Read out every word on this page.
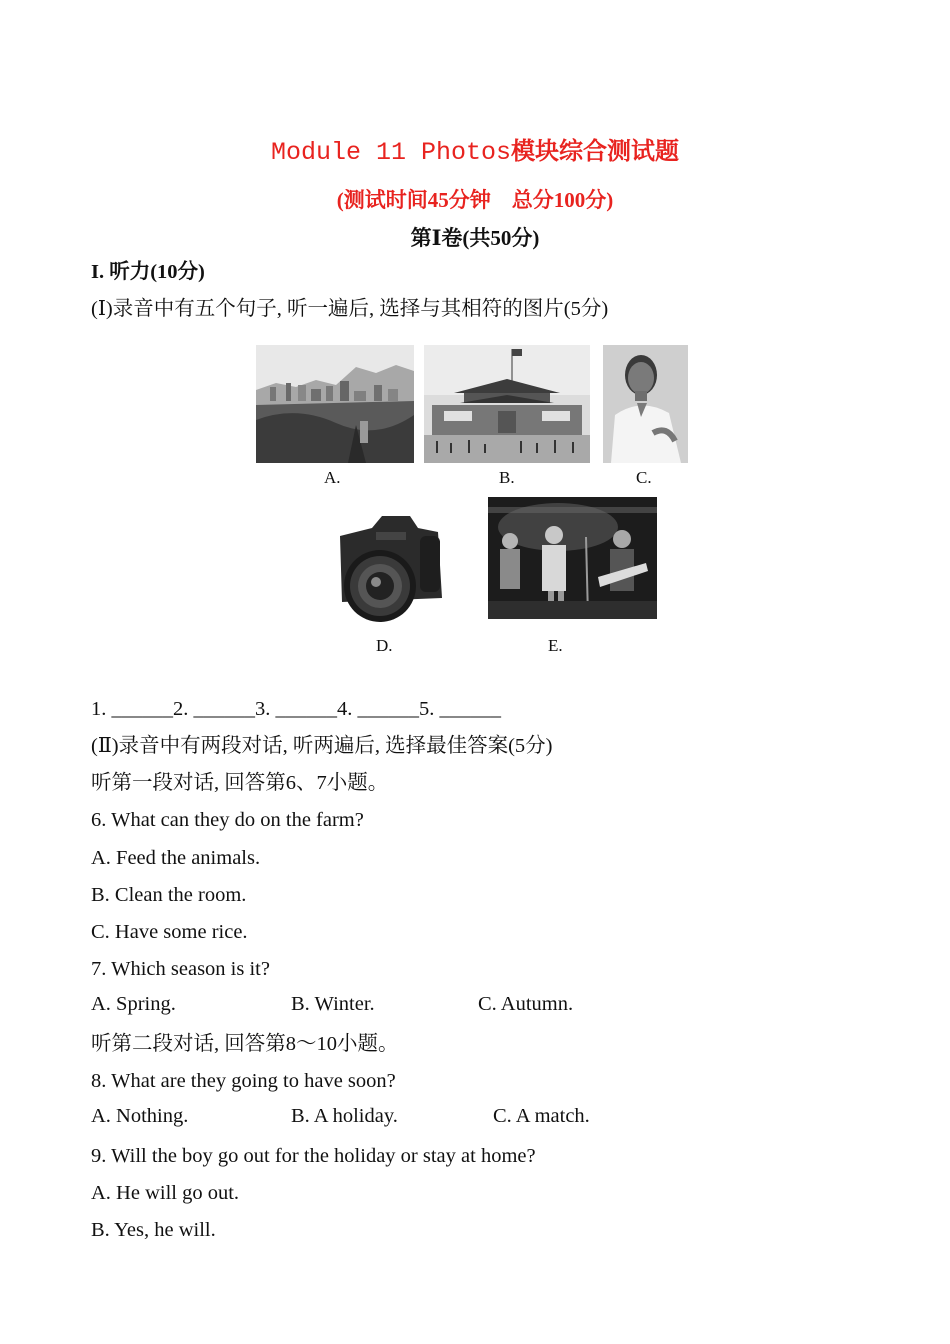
Module 11 Photos模块综合测试题
(测试时间45分钟　总分100分)
第Ⅰ卷(共50分)
I. 听力(10分)
(Ⅰ)录音中有五个句子, 听一遍后, 选择与其相符的图片(5分)
A.	B.	C.
D.	E.
1. ______2. ______3. ______4. ______5. ______
(Ⅱ)录音中有两段对话, 听两遍后, 选择最佳答案(5分)
听第一段对话, 回答第6、7小题。
6. What can they do on the farm?
A. Feed the animals.
B. Clean the room.
C. Have some rice.
7. Which season is it?
A. Spring.	B. Winter.	C. Autumn.
听第二段对话, 回答第8～10小题。
8. What are they going to have soon?
A. Nothing.	B. A holiday.	C. A match.
9. Will the boy go out for the holiday or stay at home?
A. He will go out.
B. Yes, he will.
